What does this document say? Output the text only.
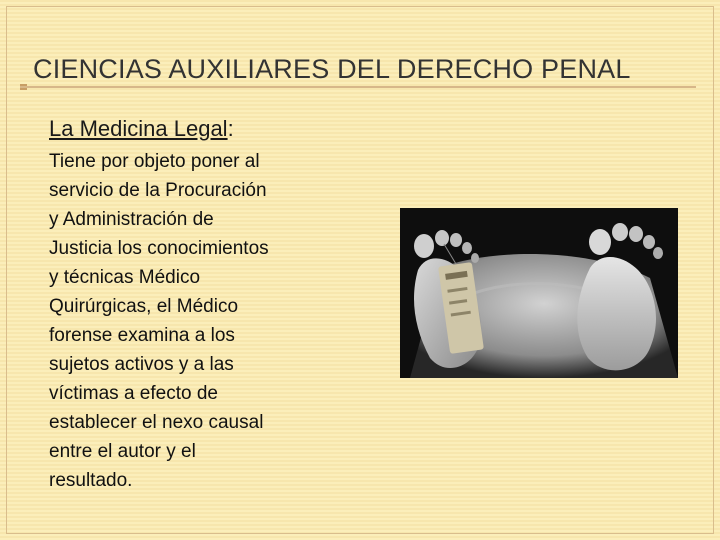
CIENCIAS AUXILIARES DEL DERECHO PENAL
La Medicina Legal:
Tiene por objeto poner al
servicio de la Procuración
y Administración de
Justicia los conocimientos
y técnicas Médico
Quirúrgicas, el Médico
forense examina a los
sujetos activos y a las
víctimas a efecto de
establecer el nexo causal
entre el autor y el
resultado.
